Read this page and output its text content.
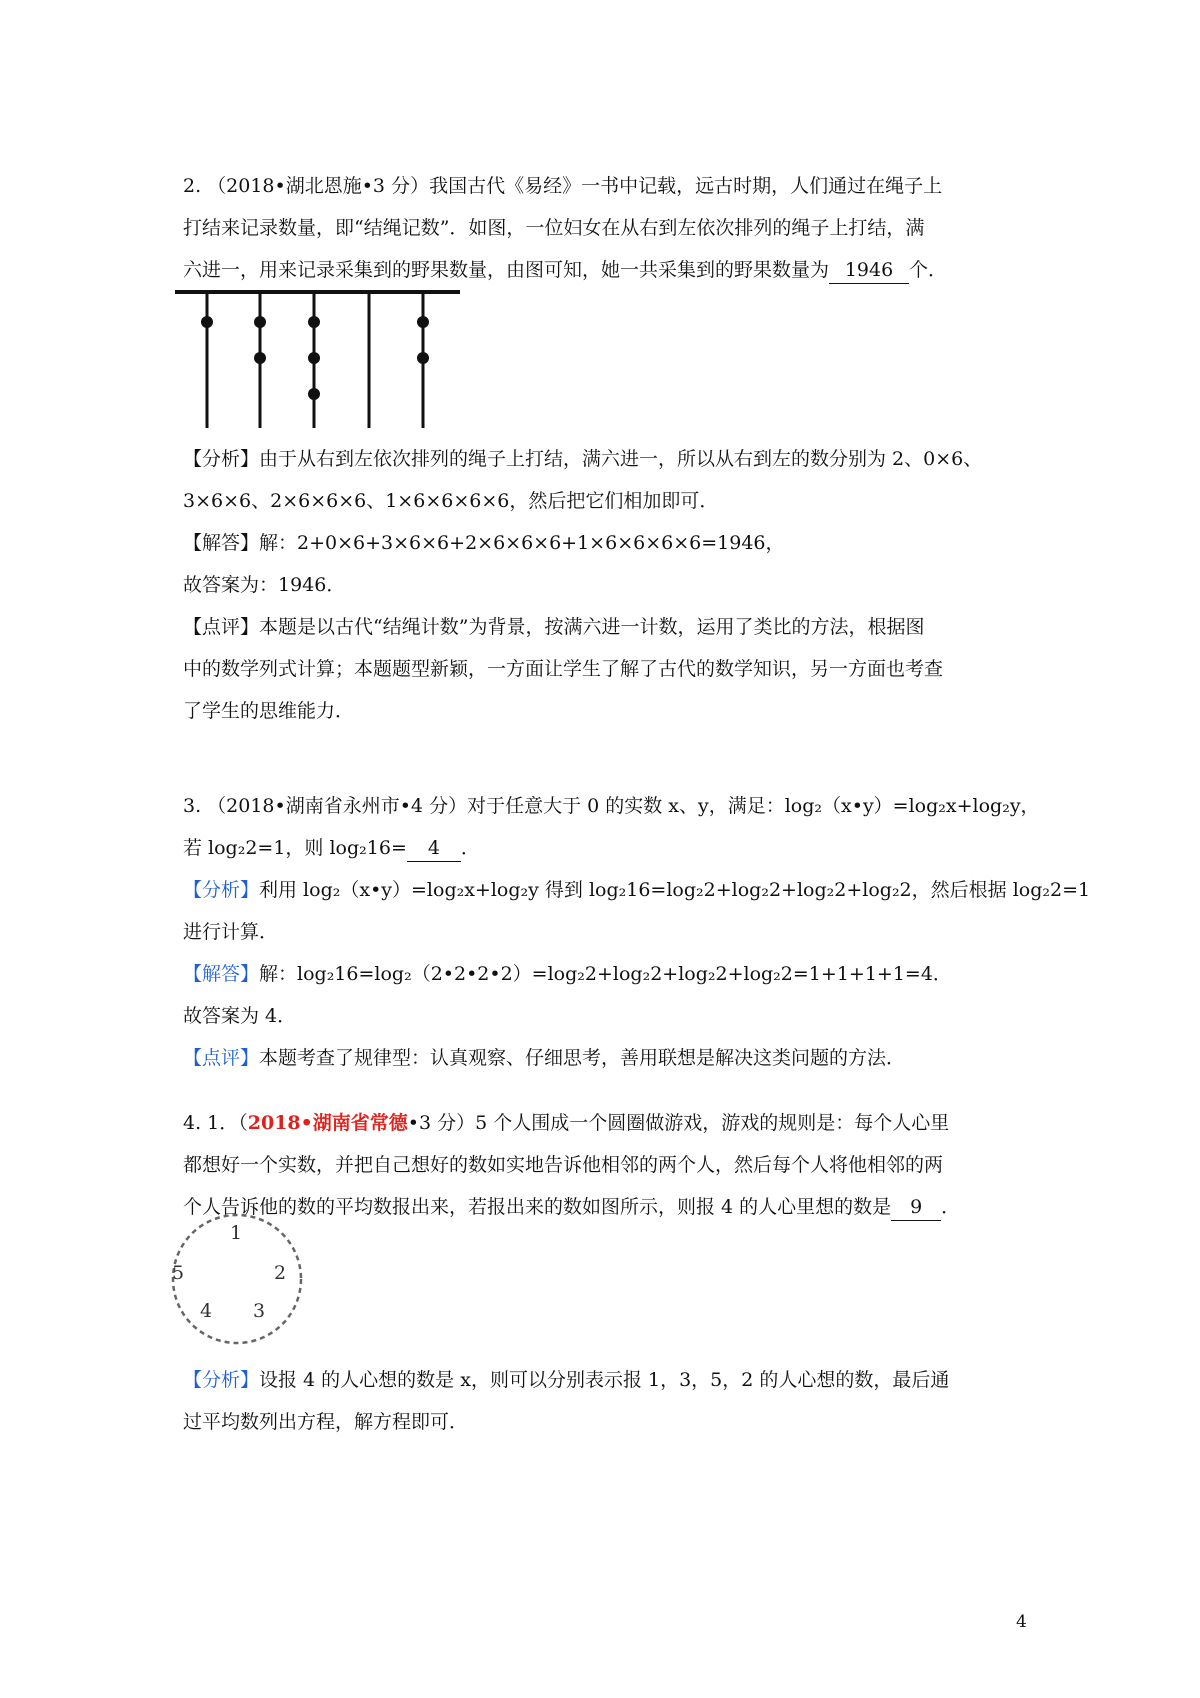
2. （2018•湖北恩施•3 分）我国古代《易经》一书中记载，远古时期，人们通过在绳子上
打结来记录数量，即“结绳记数”．如图，一位妇女在从右到左依次排列的绳子上打结，满
六进一，用来记录采集到的野果数量，由图可知，她一共采集到的野果数量为 1946 个．
【分析】由于从右到左依次排列的绳子上打结，满六进一，所以从右到左的数分别为 2、0×6、
3×6×6、2×6×6×6、1×6×6×6×6，然后把它们相加即可．
【解答】解：2+0×6+3×6×6+2×6×6×6+1×6×6×6×6=1946，
故答案为：1946．
【点评】本题是以古代“结绳计数”为背景，按满六进一计数，运用了类比的方法，根据图
中的数学列式计算；本题题型新颖，一方面让学生了解了古代的数学知识，另一方面也考查
了学生的思维能力．
3. （2018•湖南省永州市•4 分）对于任意大于 0 的实数 x、y，满足：log₂（x•y）=log₂x+log₂y，
若 log₂2=1，则 log₂16= 4 ．
【分析】利用 log₂（x•y）=log₂x+log₂y 得到 log₂16=log₂2+log₂2+log₂2+log₂2，然后根据 log₂2=1
进行计算．
【解答】解：log₂16=log₂（2•2•2•2）=log₂2+log₂2+log₂2+log₂2=1+1+1+1=4．
故答案为 4．
【点评】本题考查了规律型：认真观察、仔细思考，善用联想是解决这类问题的方法．
4. 1．（2018•湖南省常德•3 分）5 个人围成一个圆圈做游戏，游戏的规则是：每个人心里
都想好一个实数，并把自己想好的数如实地告诉他相邻的两个人，然后每个人将他相邻的两
个人告诉他的数的平均数报出来，若报出来的数如图所示，则报 4 的人心里想的数是 9 ．
1
2
3
4
5
【分析】设报 4 的人心想的数是 x，则可以分别表示报 1，3，5，2 的人心想的数，最后通
过平均数列出方程，解方程即可．
4
